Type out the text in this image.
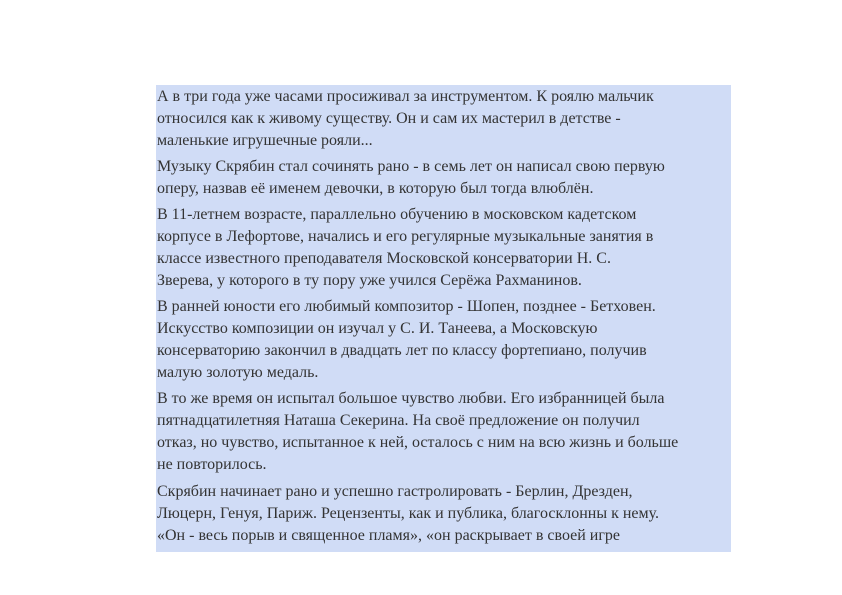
А в три года уже часами просиживал за инструментом. К роялю мальчик
относился как к живому существу. Он и сам их мастерил в детстве -
маленькие игрушечные рояли...

Музыку Скрябин стал сочинять рано - в семь лет он написал свою первую
оперу, назвав её именем девочки, в которую был тогда влюблён.

В 11-летнем возрасте, параллельно обучению в московском кадетском
корпусе в Лефортове, начались и его регулярные музыкальные занятия в
классе известного преподавателя Московской консерватории Н. С.
Зверева, у которого в ту пору уже учился Серёжа Рахманинов.

В ранней юности его любимый композитор - Шопен, позднее - Бетховен.
Искусство композиции он изучал у С. И. Танеева, а Московскую
консерваторию закончил в двадцать лет по классу фортепиано, получив
малую золотую медаль.

В то же время он испытал большое чувство любви. Его избранницей была
пятнадцатилетняя Наташа Секерина. На своё предложение он получил
отказ, но чувство, испытанное к ней, осталось с ним на всю жизнь и больше
не повторилось.

Скрябин начинает рано и успешно гастролировать - Берлин, Дрезден,
Люцерн, Генуя, Париж. Рецензенты, как и публика, благосклонны к нему.
«Он - весь порыв и священное пламя», «он раскрывает в своей игре
